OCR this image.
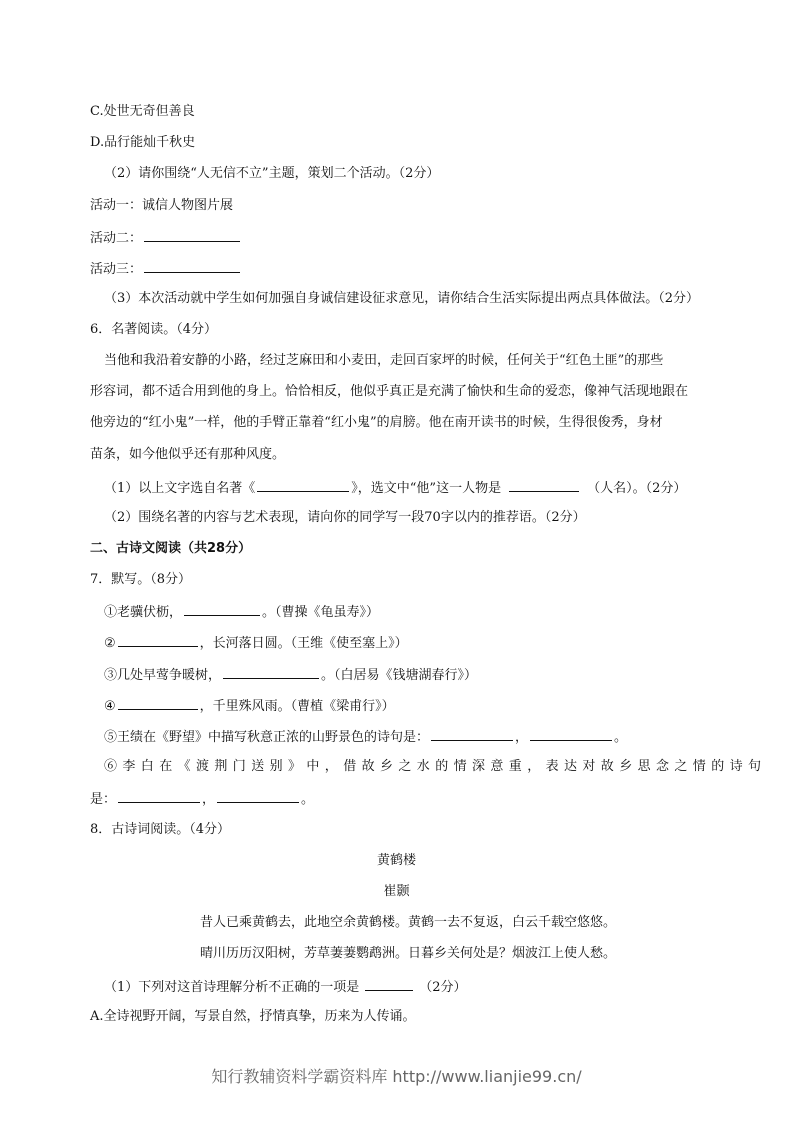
C.处世无奇但善良
D.品行能灿千秋史
（2）请你围绕“人无信不立”主题，策划二个活动。（2分）
活动一：诚信人物图片展
活动二：
活动三：
（3）本次活动就中学生如何加强自身诚信建设征求意见，请你结合生活实际提出两点具体做法。（2分）
6．名著阅读。（4分）
当他和我沿着安静的小路，经过芝麻田和小麦田，走回百家坪的时候，任何关于“红色土匪”的那些
形容词，都不适合用到他的身上。恰恰相反，他似乎真正是充满了愉快和生命的爱恋，像神气活现地跟在
他旁边的“红小鬼”一样，他的手臂正靠着“红小鬼”的肩膀。他在南开读书的时候，生得很俊秀，身材
苗条，如今他似乎还有那种风度。
（1）以上文字选自名著《	》，选文中“他”这一人物是	（人名）。（2分）
（2）围绕名著的内容与艺术表现，请向你的同学写一段70字以内的推荐语。（2分）
二、古诗文阅读（共28分）
7．默写。（8分）
①老骥伏枥，	。（曹操《龟虽寿》）
②	，长河落日圆。（王维《使至塞上》）
③几处早莺争暖树，	。（白居易《钱塘湖春行》）
④	，千里殊风雨。（曹植《梁甫行》）
⑤王绩在《野望》中描写秋意正浓的山野景色的诗句是：	，	。
⑥李白在《渡荆门送别》中，借故乡之水的情深意重，表达对故乡思念之情的诗句
是：	，	。
8．古诗词阅读。（4分）
黄鹤楼
崔颢
昔人已乘黄鹤去，此地空余黄鹤楼。黄鹤一去不复返，白云千载空悠悠。
晴川历历汉阳树，芳草萋萋鹦鹉洲。日暮乡关何处是？烟波江上使人愁。
（1）下列对这首诗理解分析不正确的一项是	（2分）
A.全诗视野开阔，写景自然，抒情真挚，历来为人传诵。
知行教辅资料学霸资料库 http://www.lianjie99.cn/
